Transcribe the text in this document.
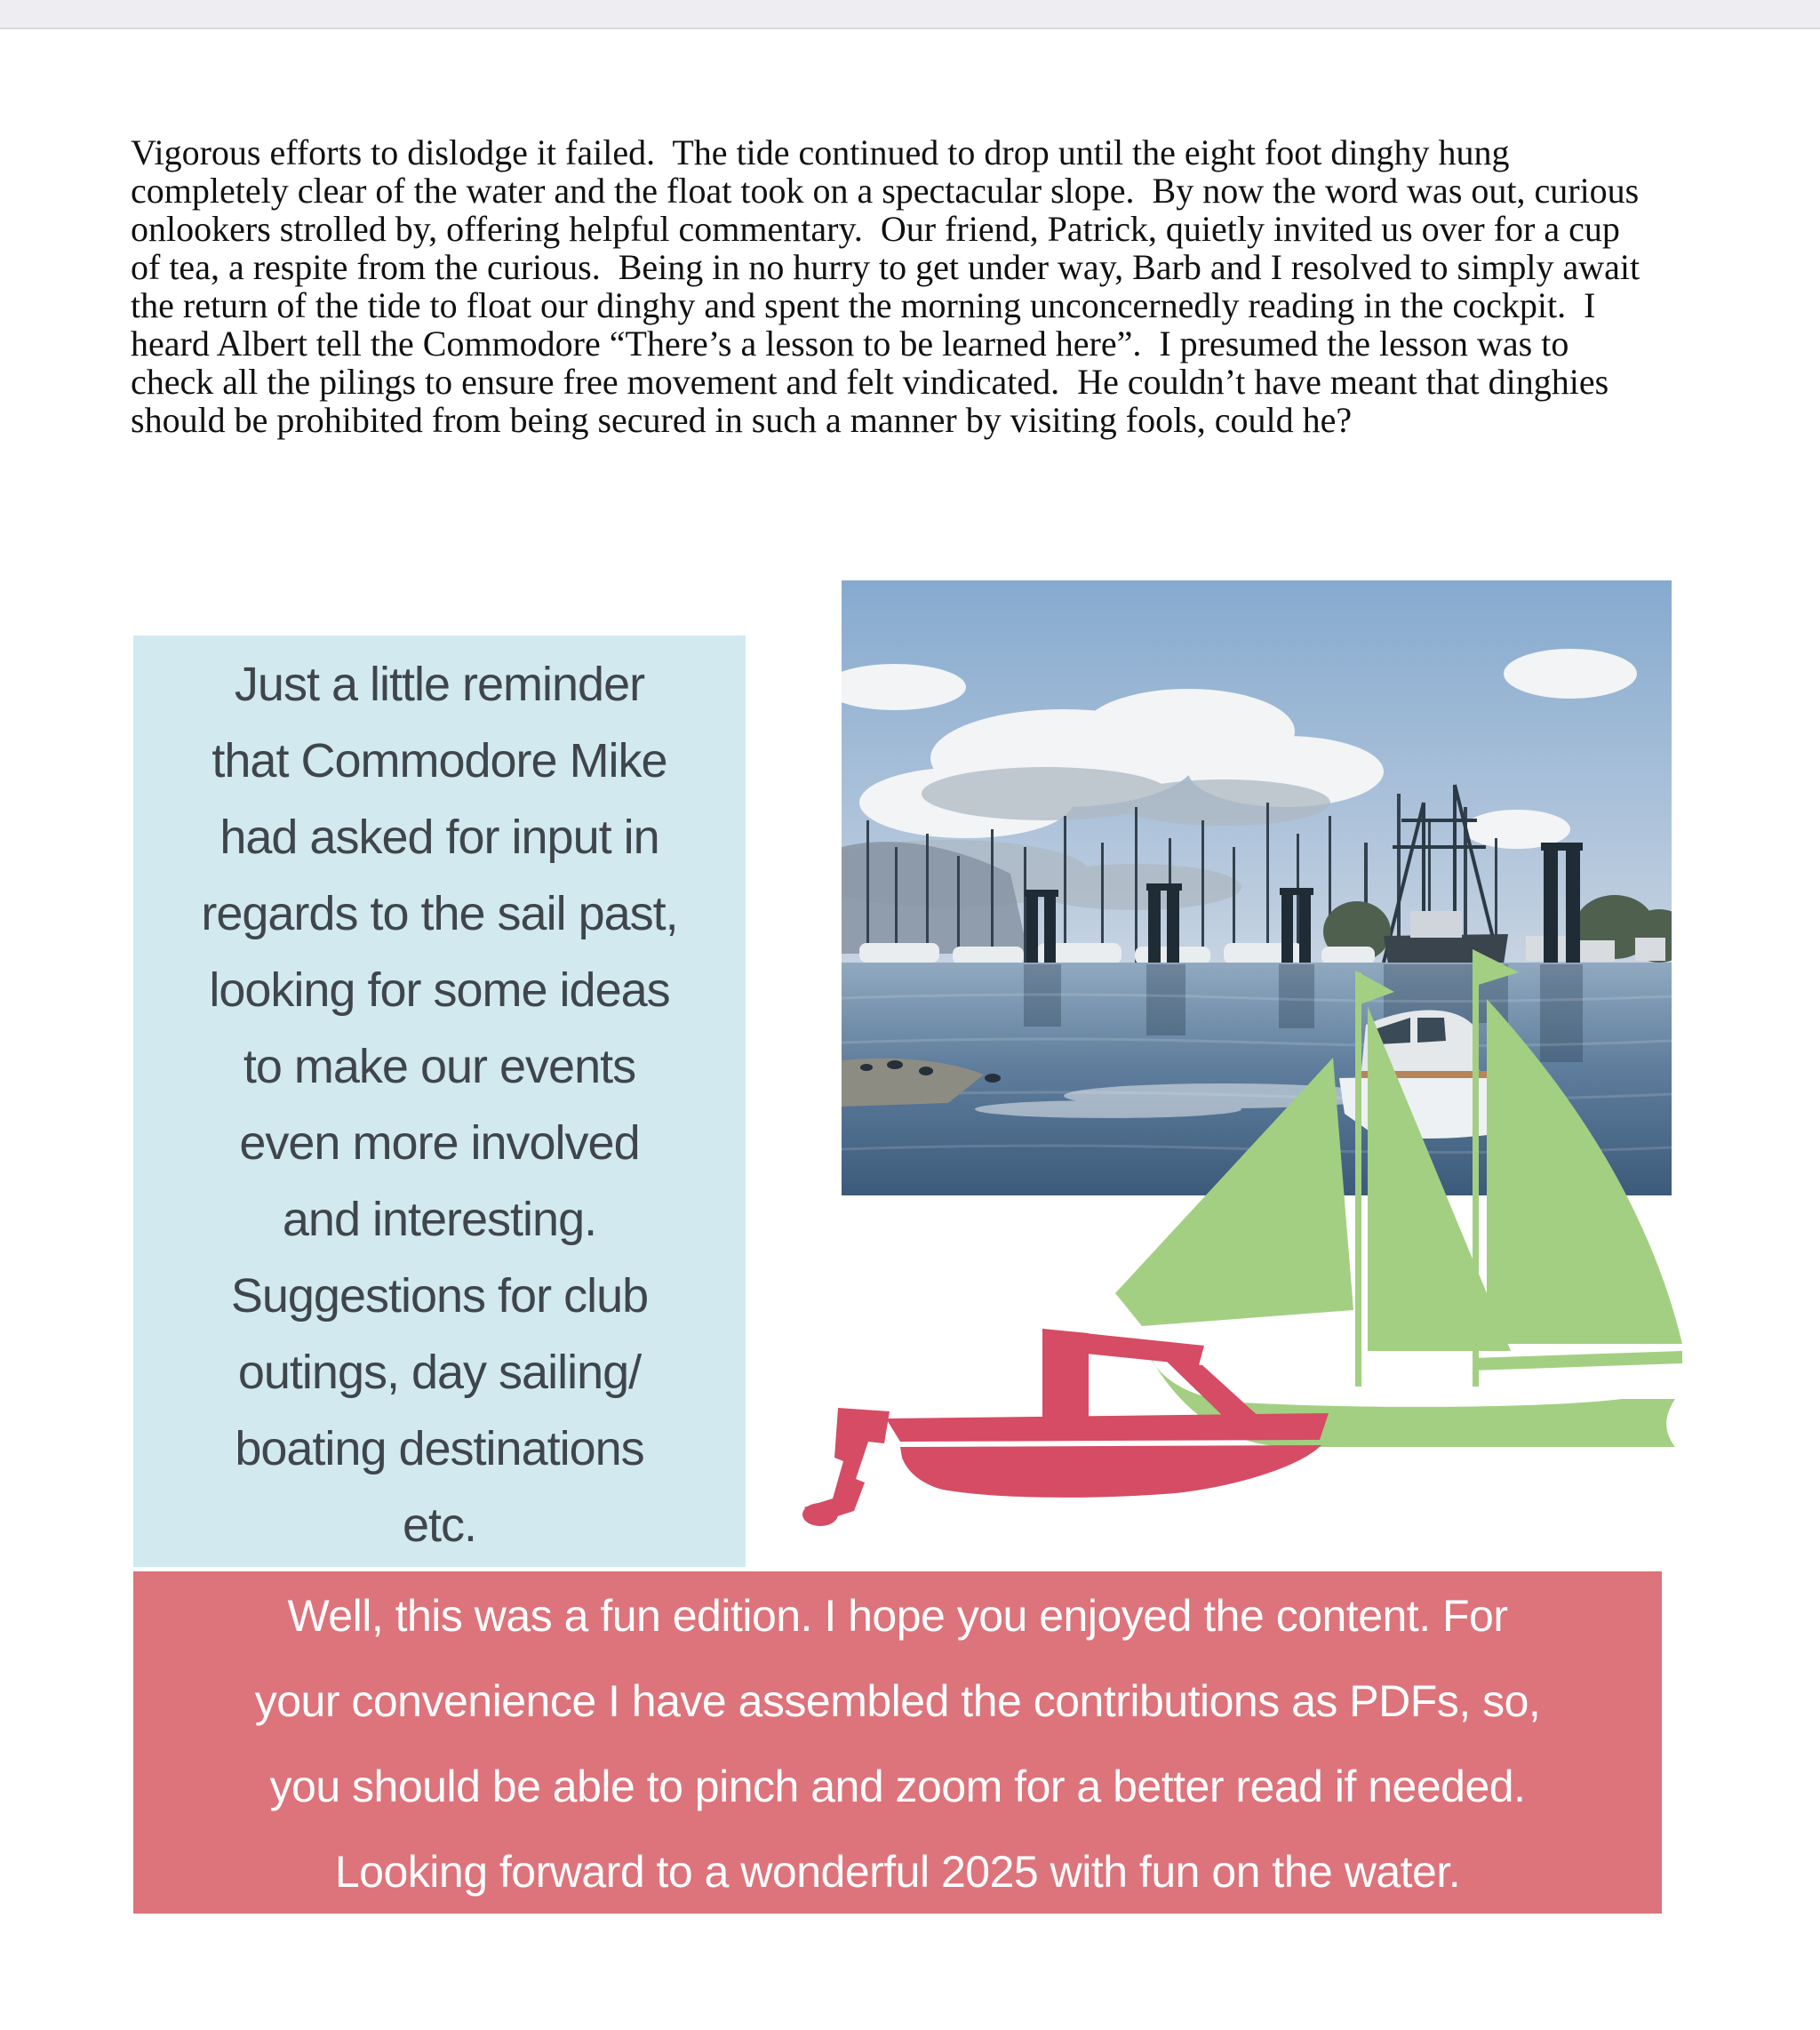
Vigorous efforts to dislodge it failed.  The tide continued to drop until the eight foot dinghy hung
completely clear of the water and the float took on a spectacular slope.  By now the word was out, curious
onlookers strolled by, offering helpful commentary.  Our friend, Patrick, quietly invited us over for a cup
of tea, a respite from the curious.  Being in no hurry to get under way, Barb and I resolved to simply await
the return of the tide to float our dinghy and spent the morning unconcernedly reading in the cockpit.  I
heard Albert tell the Commodore “There’s a lesson to be learned here”.  I presumed the lesson was to
check all the pilings to ensure free movement and felt vindicated.  He couldn’t have meant that dinghies
should be prohibited from being secured in such a manner by visiting fools, could he?
Just a little reminder
that Commodore Mike
had asked for input in
regards to the sail past,
looking for some ideas
to make our events
even more involved
and interesting.
Suggestions for club
outings, day sailing/
boating destinations
etc.
Well, this was a fun edition. I hope you enjoyed the content. For
your convenience I have assembled the contributions as PDFs, so,
you should be able to pinch and zoom for a better read if needed.
Looking forward to a wonderful 2025 with fun on the water.
